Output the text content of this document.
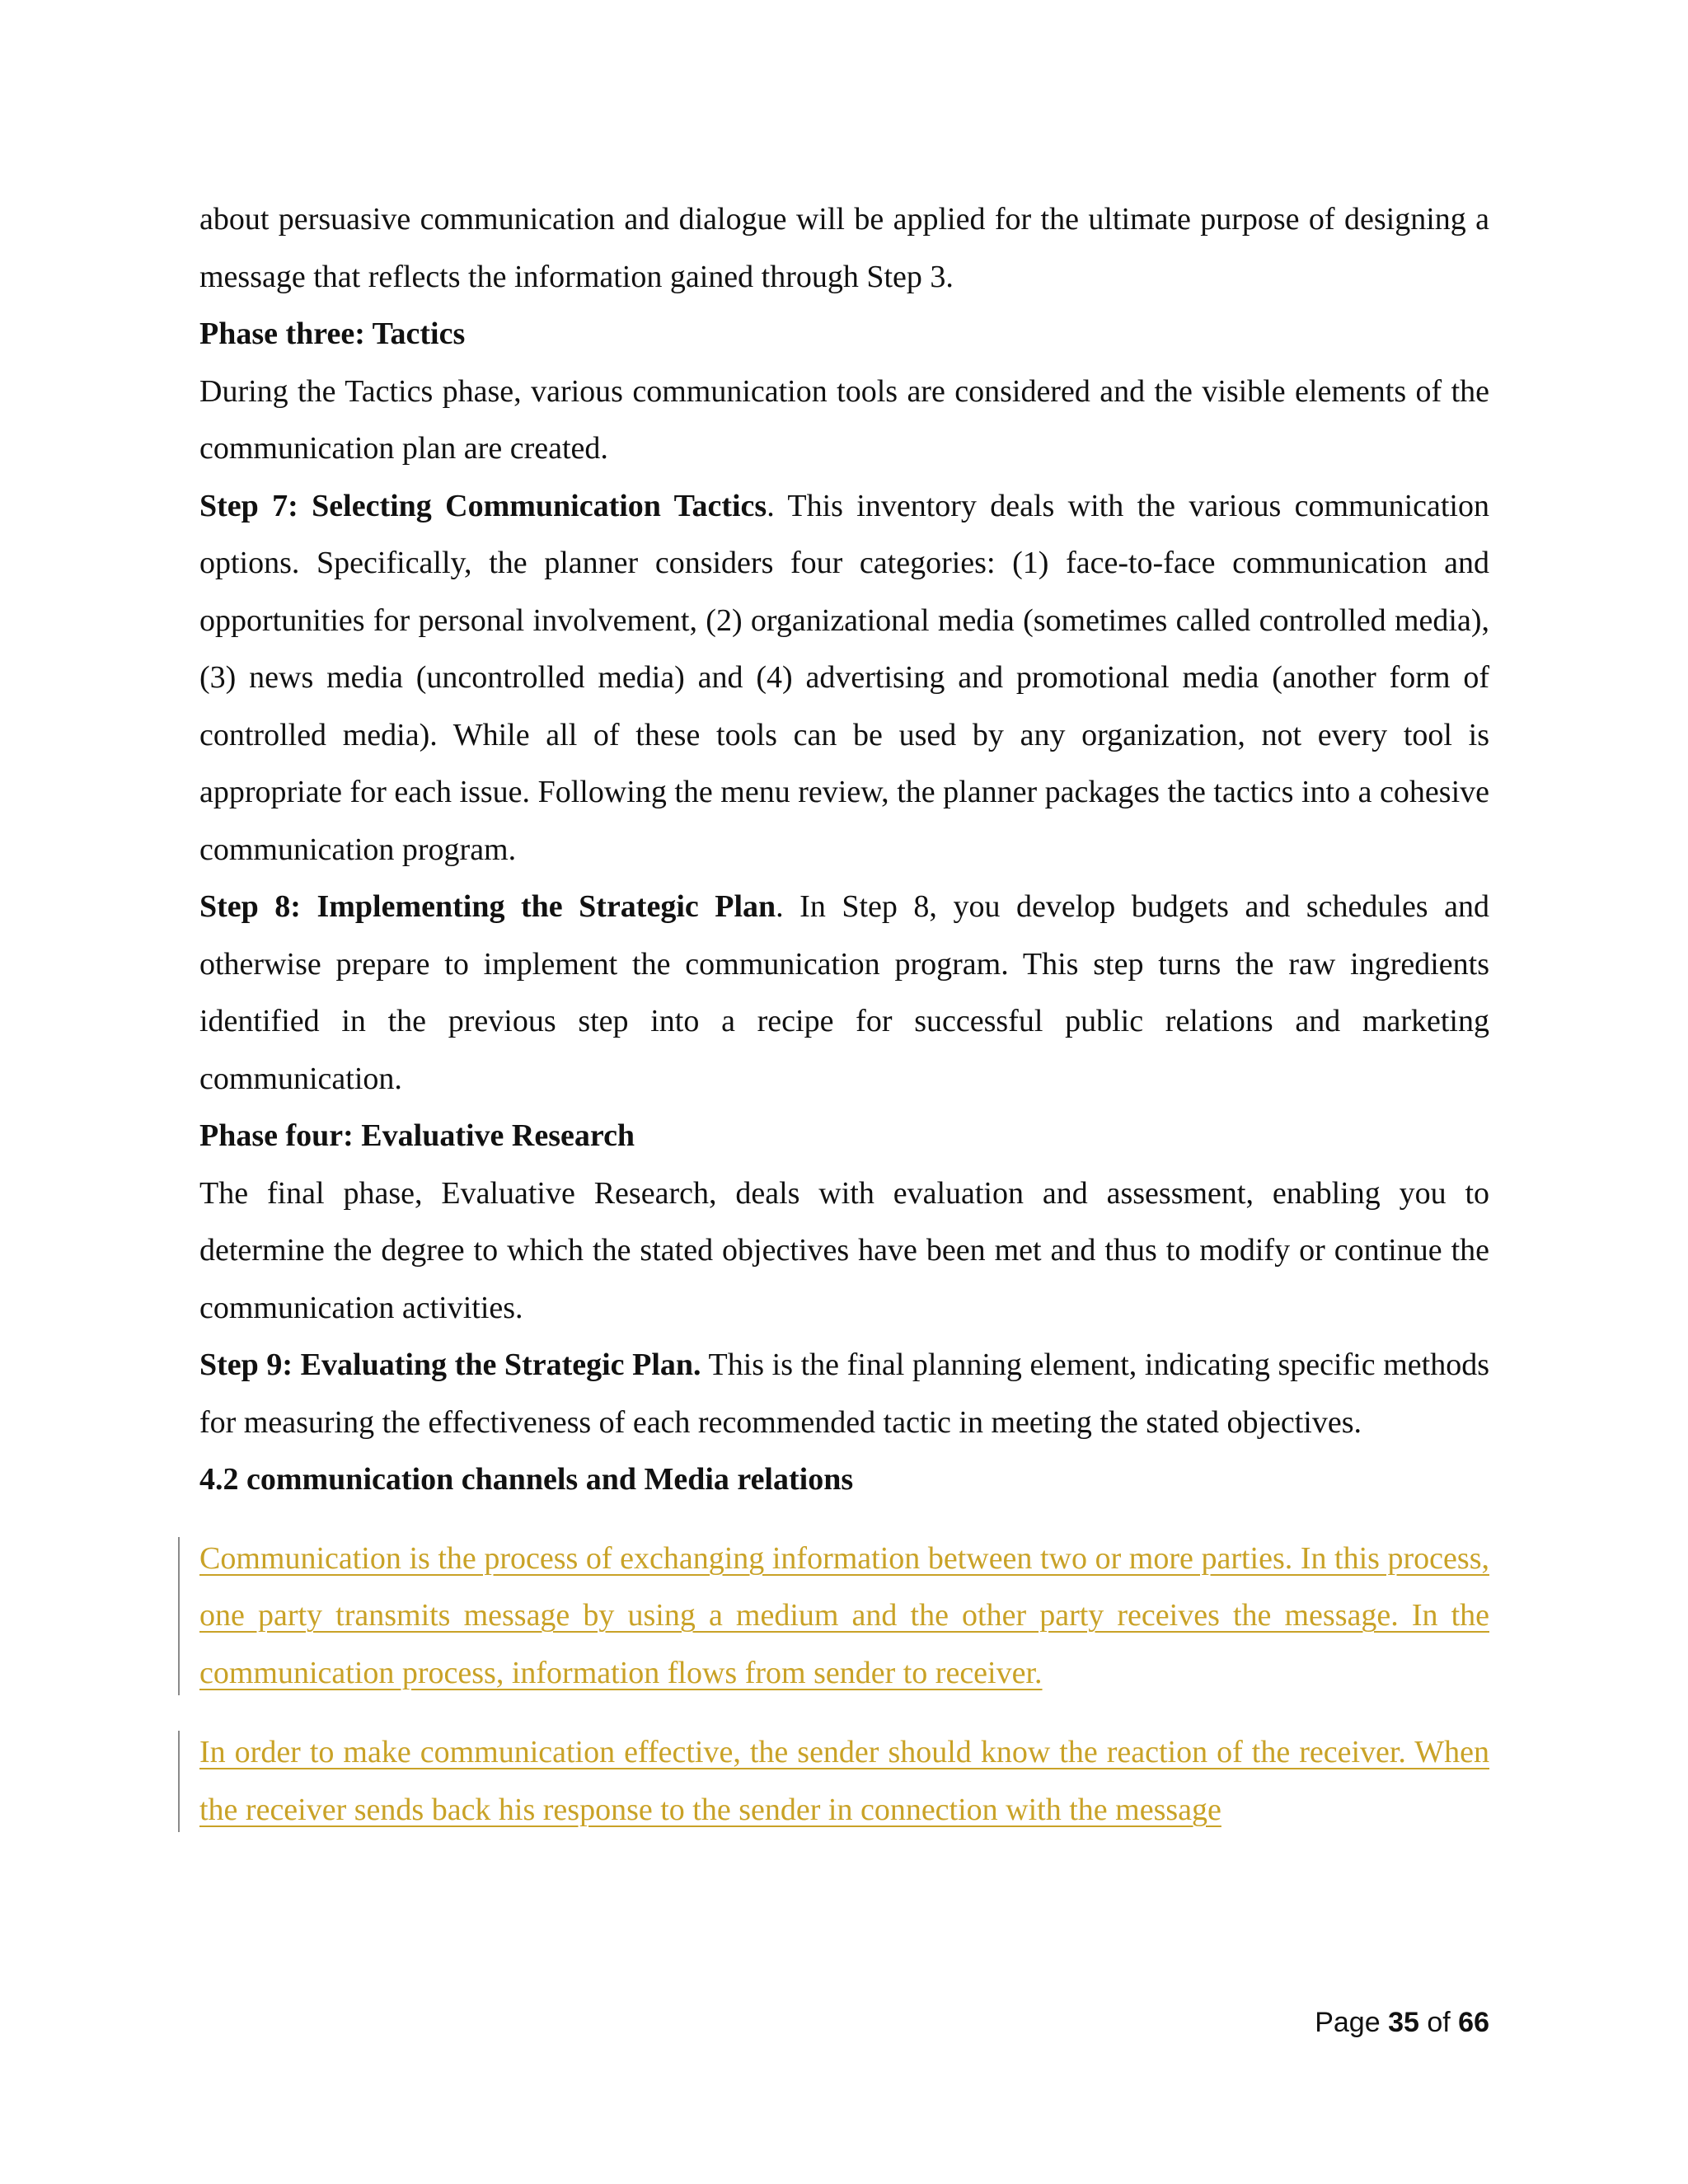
about persuasive communication and dialogue will be applied for the ultimate purpose of designing a message that reflects the information gained through Step 3.

Phase three: Tactics

During the Tactics phase, various communication tools are considered and the visible elements of the communication plan are created.

Step 7: Selecting Communication Tactics. This inventory deals with the various communication options. Specifically, the planner considers four categories: (1) face-to-face communication and opportunities for personal involvement, (2) organizational media (sometimes called controlled media), (3) news media (uncontrolled media) and (4) advertising and promotional media (another form of controlled media). While all of these tools can be used by any organization, not every tool is appropriate for each issue. Following the menu review, the planner packages the tactics into a cohesive communication program.

Step 8: Implementing the Strategic Plan. In Step 8, you develop budgets and schedules and otherwise prepare to implement the communication program. This step turns the raw ingredients identified in the previous step into a recipe for successful public relations and marketing communication.

Phase four: Evaluative Research

The final phase, Evaluative Research, deals with evaluation and assessment, enabling you to determine the degree to which the stated objectives have been met and thus to modify or continue the communication activities.

Step 9: Evaluating the Strategic Plan. This is the final planning element, indicating specific methods for measuring the effectiveness of each recommended tactic in meeting the stated objectives.

4.2 communication channels and Media relations

Communication is the process of exchanging information between two or more parties. In this process, one party transmits message by using a medium and the other party receives the message. In the communication process, information flows from sender to receiver.

In order to make communication effective, the sender should know the reaction of the receiver. When the receiver sends back his response to the sender in connection with the message

Page 35 of 66
